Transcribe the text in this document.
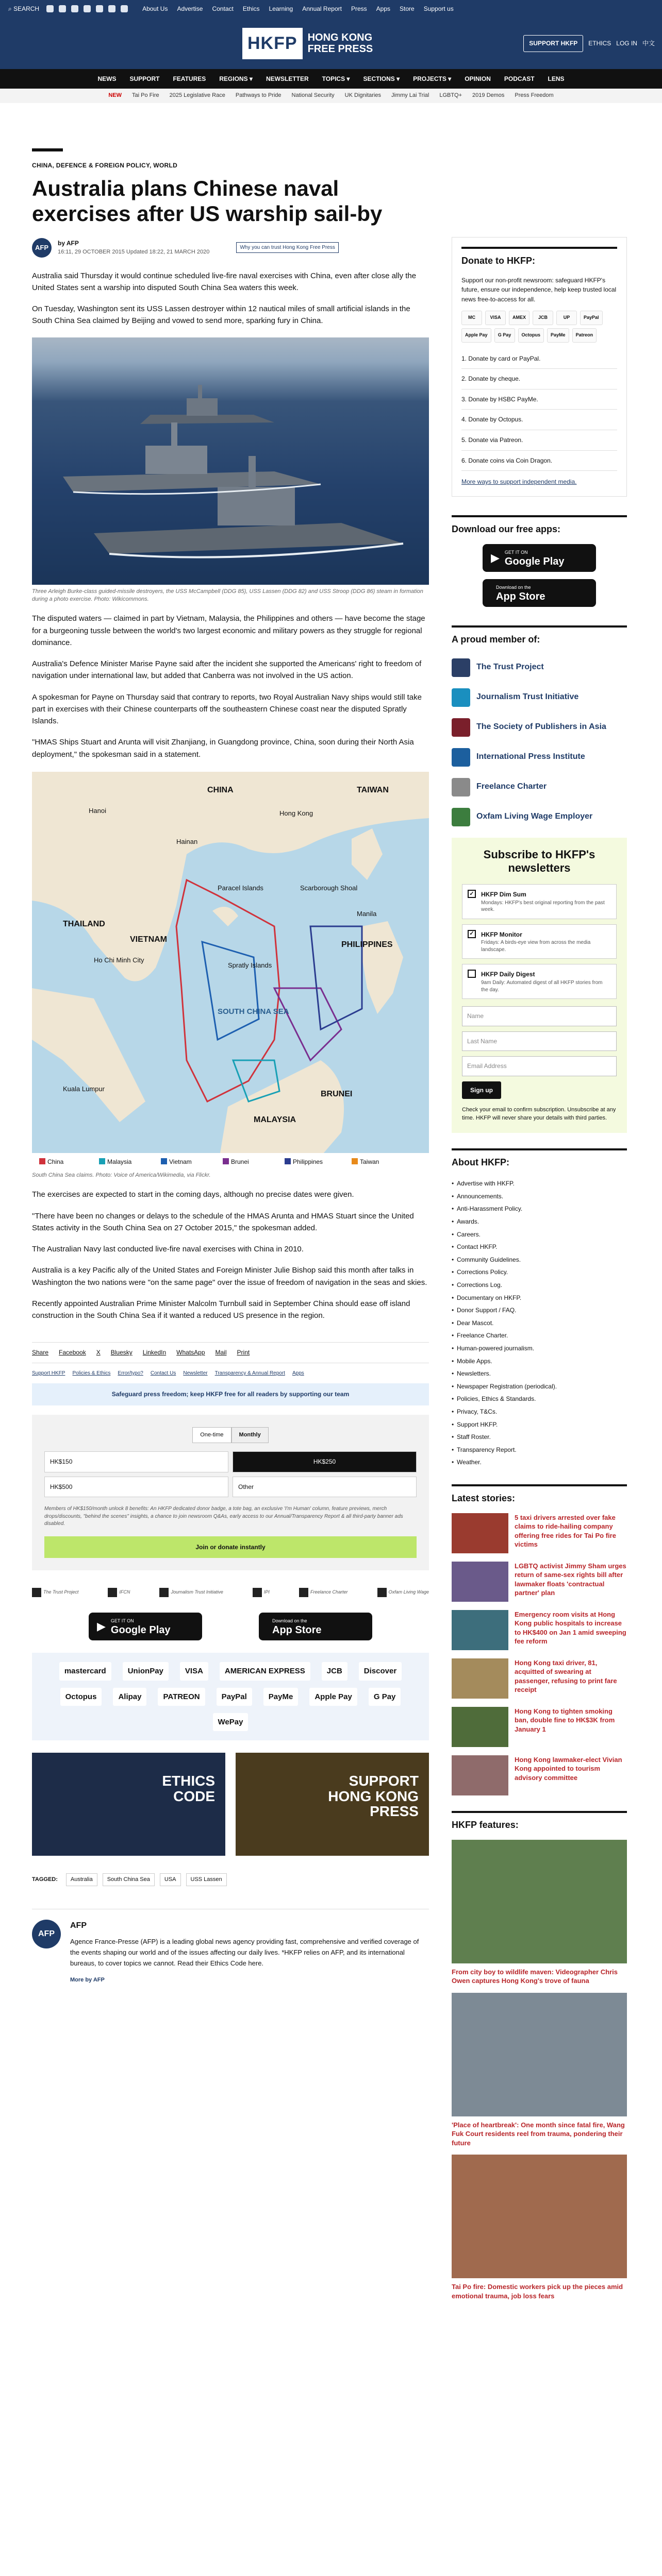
⌕ SEARCH	About Us Advertise Contact Ethics Learning Annual Report Press Apps Store Support us
HKFP	HONG KONG
FREE PRESS
SUPPORT HKFP	ETHICS LOG IN 中文
NEWS SUPPORT FEATURES REGIONS ▾ NEWSLETTER TOPICS ▾ SECTIONS ▾ PROJECTS ▾ OPINION PODCAST LENS
NEW Tai Po Fire 2025 Legislative Race Pathways to Pride National Security UK Dignitaries Jimmy Lai Trial LGBTQ+ 2019 Demos Press Freedom
CHINA, DEFENCE & FOREIGN POLICY, WORLD
Australia plans Chinese naval exercises after US warship sail-by
AFP
by AFP
16:11, 29 OCTOBER 2015 Updated 18:22, 21 MARCH 2020
Why you can trust Hong Kong Free Press

Australia said Thursday it would continue scheduled live-fire naval exercises with China, even after close ally the United States sent a warship into disputed South China Sea waters this week.

On Tuesday, Washington sent its USS Lassen destroyer within 12 nautical miles of small artificial islands in the South China Sea claimed by Beijing and vowed to send more, sparking fury in China.

Three Arleigh Burke-class guided-missile destroyers, the USS McCampbell (DDG 85), USS Lassen (DDG 82) and USS Stroop (DDG 86) steam in formation during a photo exercise. Photo: Wikicommons.

The disputed waters — claimed in part by Vietnam, Malaysia, the Philippines and others — have become the stage for a burgeoning tussle between the world's two largest economic and military powers as they struggle for regional dominance.

Australia's Defence Minister Marise Payne said after the incident she supported the Americans' right to freedom of navigation under international law, but added that Canberra was not involved in the US action.

A spokesman for Payne on Thursday said that contrary to reports, two Royal Australian Navy ships would still take part in exercises with their Chinese counterparts off the southeastern Chinese coast near the disputed Spratly Islands.

"HMAS Ships Stuart and Arunta will visit Zhanjiang, in Guangdong province, China, soon during their North Asia deployment," the spokesman said in a statement.

CHINA	TAIWAN
THAILAND
VIETNAM
PHILIPPINES
MALAYSIA
BRUNEI
SOUTH CHINA SEA
Hanoi	Hong Kong
Hainan
Paracel Islands	Scarborough Shoal
Manila
Ho Chi Minh City
Spratly Islands
Kuala Lumpur
China	Malaysia	Vietnam	Brunei	Philippines	Taiwan
South China Sea claims. Photo: Voice of America/Wikimedia, via Flickr.

The exercises are expected to start in the coming days, although no precise dates were given.

"There have been no changes or delays to the schedule of the HMAS Arunta and HMAS Stuart since the United States activity in the South China Sea on 27 October 2015," the spokesman added.

The Australian Navy last conducted live-fire naval exercises with China in 2010.

Australia is a key Pacific ally of the United States and Foreign Minister Julie Bishop said this month after talks in Washington the two nations were "on the same page" over the issue of freedom of navigation in the seas and skies.

Recently appointed Australian Prime Minister Malcolm Turnbull said in September China should ease off island construction in the South China Sea if it wanted a reduced US presence in the region.

Share Facebook X Bluesky LinkedIn WhatsApp Mail Print
Support HKFP Policies & Ethics Error/typo? Contact Us Newsletter Transparency & Annual Report Apps
Safeguard press freedom; keep HKFP free for all readers by supporting our team
One-time	Monthly
HK$150	HK$250
HK$500	Other
Members of HK$150/month unlock 8 benefits: An HKFP dedicated donor badge, a tote bag, an exclusive 'I'm Human' column, feature previews, merch drops/discounts, "behind the scenes" insights, a chance to join newsroom Q&As, early access to our Annual/Transparency Report & all third-party banner ads disabled.
Join or donate instantly
The Trust Project	IFCN	Journalism Trust Initiative	IPI	Freelance Charter	Oxfam Living Wage
▶ GET IT ON
Google Play
Download on the
App Store
mastercard	UnionPay	VISA	AMERICAN EXPRESS	JCB	Discover
Octopus	Alipay	PATREON	PayPal	PayMe	Apple Pay	G Pay
WePay
ETHICS
CODE
SUPPORT
HONG KONG
PRESS
TAGGED:	Australia	South China Sea	USA	USS Lassen
AFP
AFP

Agence France-Presse (AFP) is a leading global news agency providing fast, comprehensive and verified coverage of the events shaping our world and of the issues affecting our daily lives. *HKFP relies on AFP, and its international bureaus, to cover topics we cannot. Read their Ethics Code here.

More by AFP
Donate to HKFP:

Support our non-profit newsroom: safeguard HKFP's future, ensure our independence, help keep trusted local news free-to-access for all.

MC	VISA	AMEX	JCB	UP	PayPal
Apple Pay	G Pay	Octopus	PayMe	Patreon
1. Donate by card or PayPal.
2. Donate by cheque.
3. Donate by HSBC PayMe.
4. Donate by Octopus.
5. Donate via Patreon.
6. Donate coins via Coin Dragon.

More ways to support independent media.

Download our free apps:
▶ GET IT ON
Google Play
Download on the
App Store
A proud member of:
The Trust Project
Journalism Trust Initiative
The Society of Publishers in Asia
International Press Institute
Freelance Charter
Oxfam Living Wage Employer
Subscribe to HKFP's newsletters
✓ HKFP Dim Sum
Mondays: HKFP's best original reporting from the past week.
✓ HKFP Monitor
Fridays: A birds-eye view from across the media landscape.
HKFP Daily Digest
9am Daily: Automated digest of all HKFP stories from the day.
Name
Last Name
Email Address
Sign up

Check your email to confirm subscription. Unsubscribe at any time. HKFP will never share your details with third parties.

About HKFP:
• Advertise with HKFP.
• Announcements.
• Anti-Harassment Policy.
• Awards.
• Careers.
• Contact HKFP.
• Community Guidelines.
• Corrections Policy.
• Corrections Log.
• Documentary on HKFP.
• Donor Support / FAQ.
• Dear Mascot.
• Freelance Charter.
• Human-powered journalism.
• Mobile Apps.
• Newsletters.
• Newspaper Registration (periodical).
• Policies, Ethics & Standards.
• Privacy, T&Cs.
• Support HKFP.
• Staff Roster.
• Transparency Report.
• Weather.
Latest stories:
5 taxi drivers arrested over fake claims to ride-hailing company offering free rides for Tai Po fire victims
LGBTQ activist Jimmy Sham urges return of same-sex rights bill after lawmaker floats 'contractual partner' plan
Emergency room visits at Hong Kong public hospitals to increase to HK$400 on Jan 1 amid sweeping fee reform
Hong Kong taxi driver, 81, acquitted of swearing at passenger, refusing to print fare receipt
Hong Kong to tighten smoking ban, double fine to HK$3K from January 1
Hong Kong lawmaker-elect Vivian Kong appointed to tourism advisory committee
HKFP features:
From city boy to wildlife maven: Videographer Chris Owen captures Hong Kong's trove of fauna
'Place of heartbreak': One month since fatal fire, Wang Fuk Court residents reel from trauma, pondering their future
Tai Po fire: Domestic workers pick up the pieces amid emotional trauma, job loss fears
